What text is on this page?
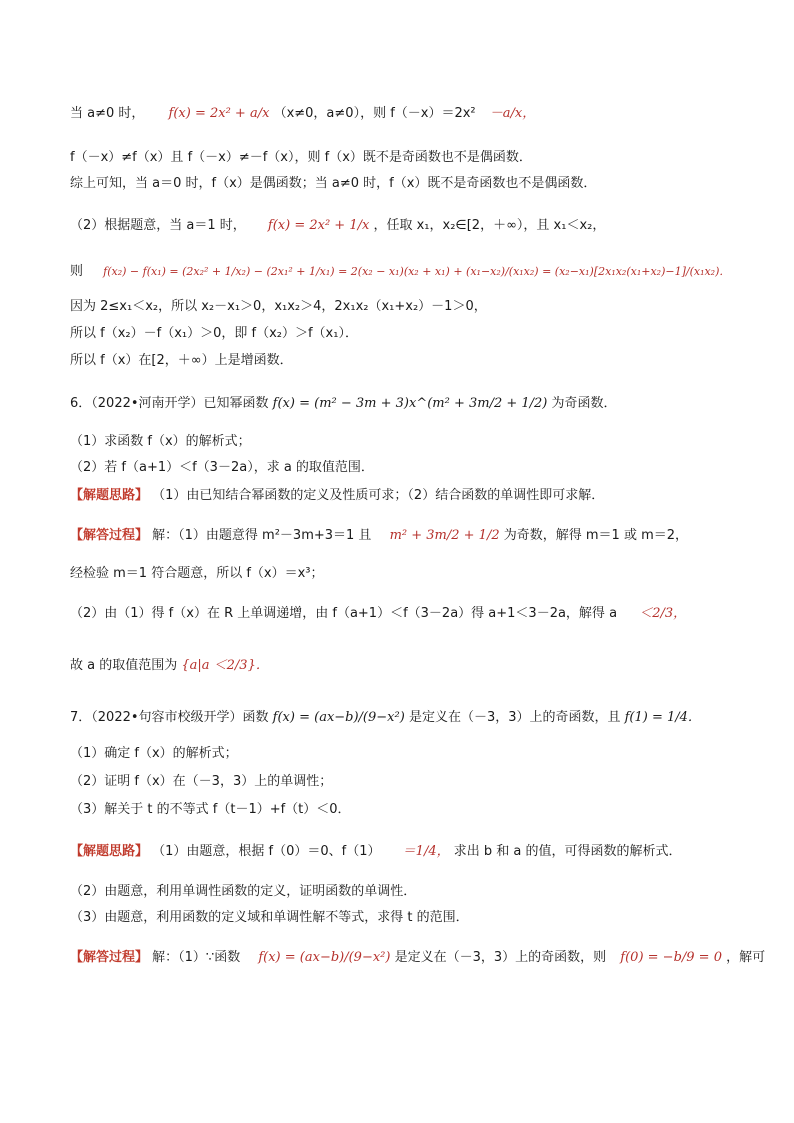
当 a≠0 时， f(x) = 2x² + a/x （x≠0，a≠0），则 f（－x）＝2x² －a/x，
f（－x）≠f（x）且 f（－x）≠－f（x），则 f（x）既不是奇函数也不是偶函数．
综上可知，当 a＝0 时，f（x）是偶函数；当 a≠0 时，f（x）既不是奇函数也不是偶函数．
（2）根据题意，当 a＝1 时， f(x) = 2x² + 1/x ，任取 x₁，x₂∈[2，＋∞），且 x₁＜x₂，
则 f(x₂) − f(x₁) = (2x₂² + 1/x₂) − (2x₁² + 1/x₁) = 2(x₂ − x₁)(x₂ + x₁) + (x₁−x₂)/(x₁x₂) = (x₂−x₁)[2x₁x₂(x₁+x₂)−1]/(x₁x₂)．
因为 2≤x₁＜x₂，所以 x₂－x₁＞0，x₁x₂＞4，2x₁x₂（x₁+x₂）－1＞0，
所以 f（x₂）－f（x₁）＞0，即 f（x₂）＞f（x₁）．
所以 f（x）在[2，＋∞）上是增函数．
6．（2022•河南开学）已知幂函数 f(x) = (m² − 3m + 3)x^(m² + 3m/2 + 1/2) 为奇函数．
（1）求函数 f（x）的解析式；
（2）若 f（a+1）＜f（3－2a），求 a 的取值范围．
【解题思路】 （1）由已知结合幂函数的定义及性质可求；（2）结合函数的单调性即可求解．
【解答过程】 解：（1）由题意得 m²－3m+3＝1 且 m² + 3m/2 + 1/2 为奇数，解得 m＝1 或 m＝2，
经检验 m＝1 符合题意，所以 f（x）＝x³；
（2）由（1）得 f（x）在 R 上单调递增，由 f（a+1）＜f（3－2a）得 a+1＜3－2a，解得 a ＜2/3，
故 a 的取值范围为 {a|a ＜2/3}．
7．（2022•句容市校级开学）函数 f(x) = (ax−b)/(9−x²) 是定义在（－3，3）上的奇函数，且 f(1) = 1/4．
（1）确定 f（x）的解析式；
（2）证明 f（x）在（－3，3）上的单调性；
（3）解关于 t 的不等式 f（t－1）+f（t）＜0．
【解题思路】 （1）由题意，根据 f（0）＝0、f（1） ＝1/4， 求出 b 和 a 的值，可得函数的解析式．
（2）由题意，利用单调性函数的定义，证明函数的单调性．
（3）由题意，利用函数的定义域和单调性解不等式，求得 t 的范围．
【解答过程】 解：（1）∵函数 f(x) = (ax−b)/(9−x²) 是定义在（－3，3）上的奇函数，则 f(0) = −b/9 = 0 ，解可
